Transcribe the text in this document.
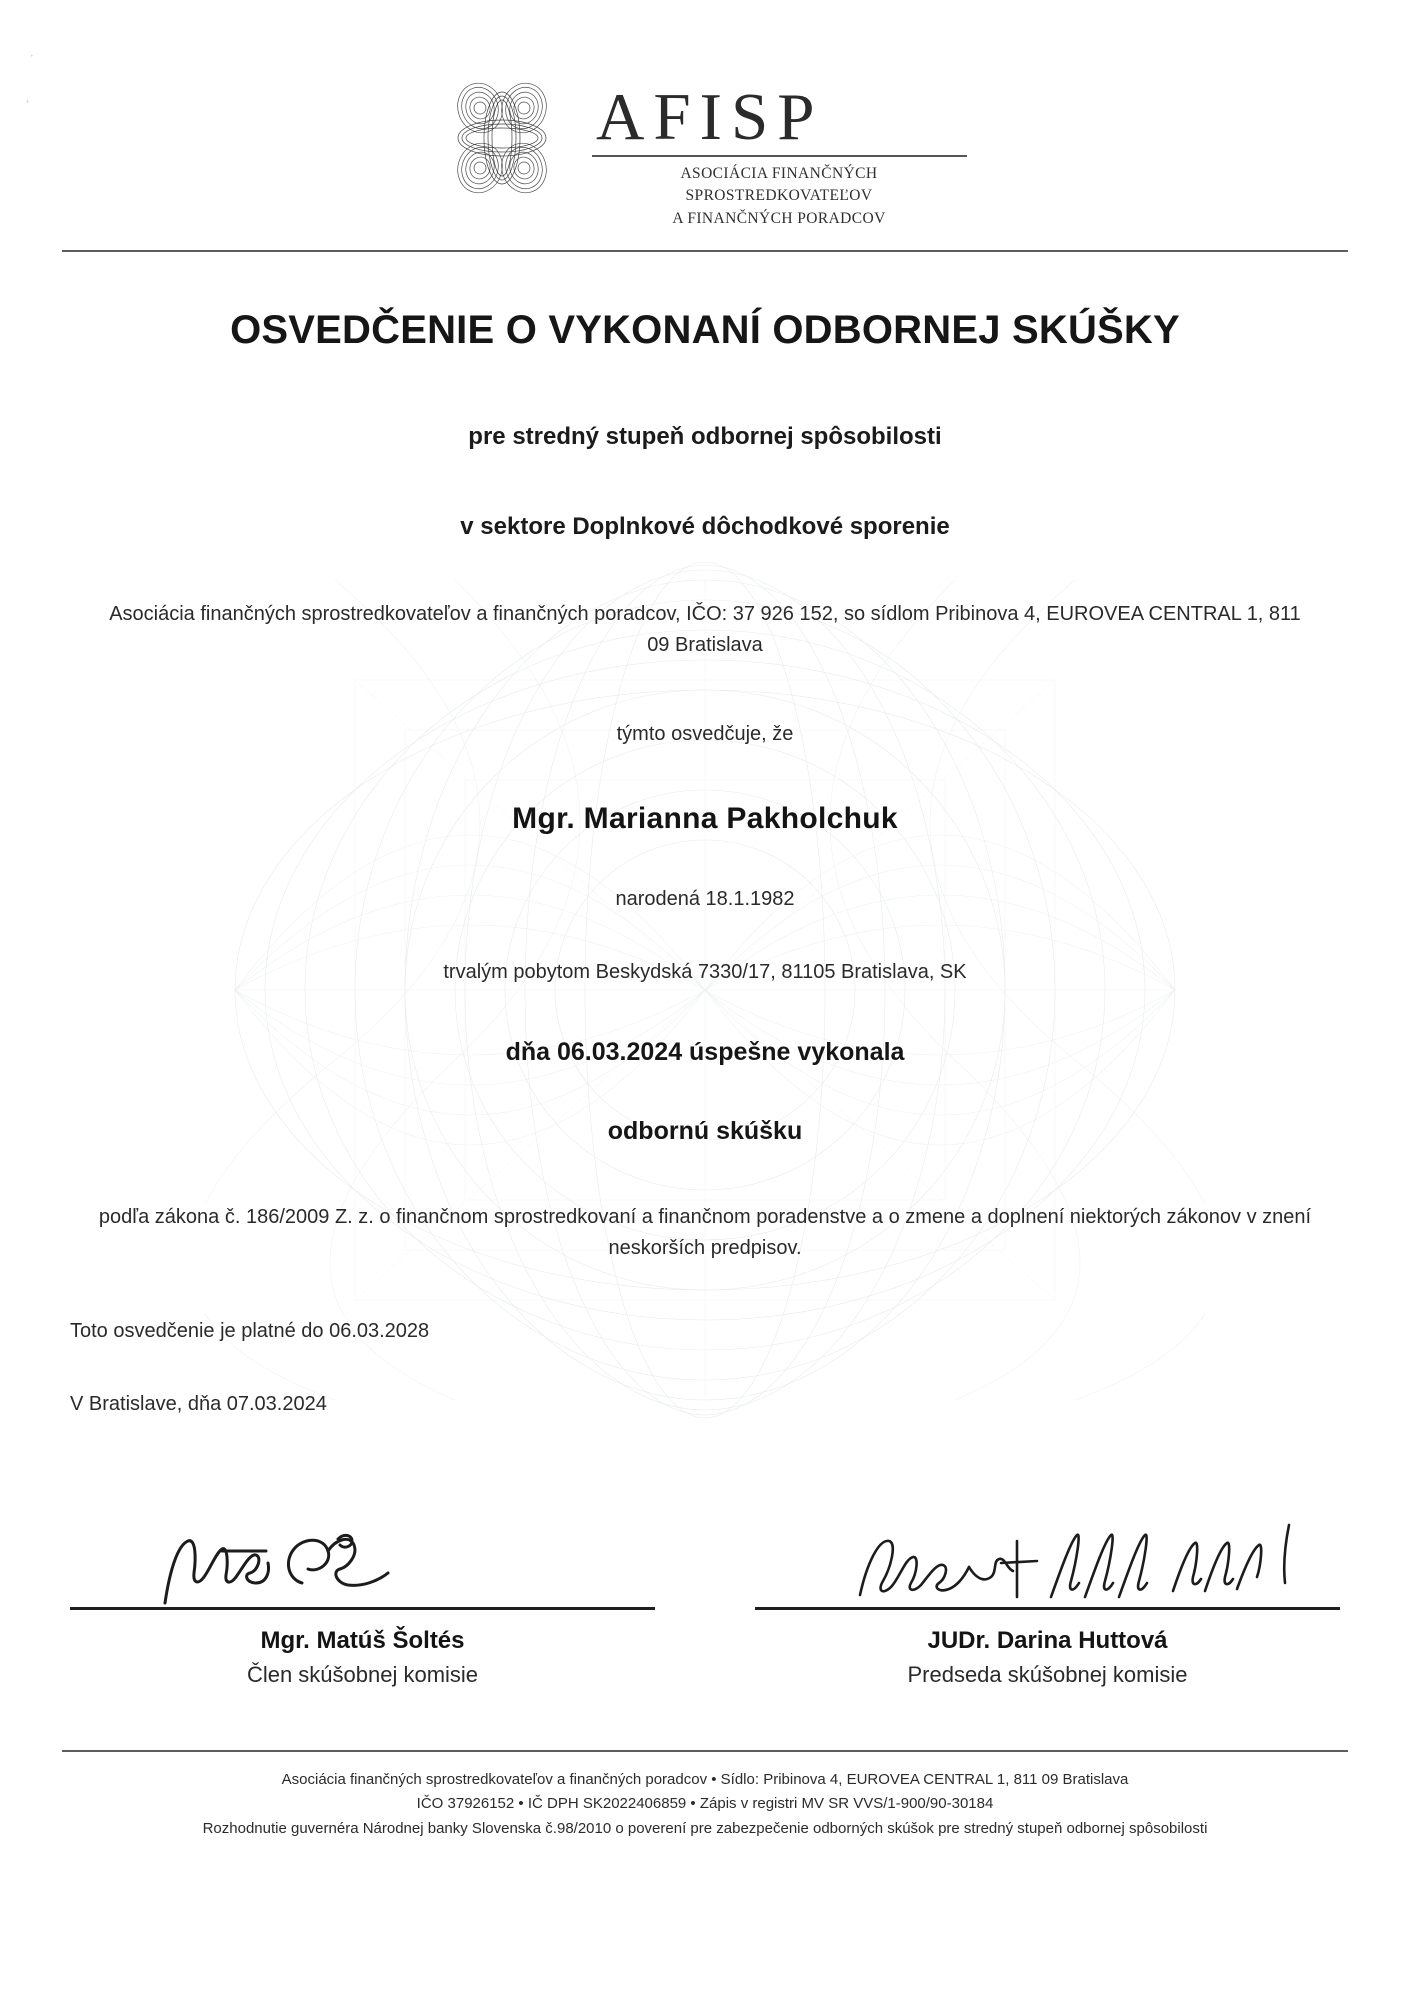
·
ʻ	AFISP
ASOCIÁCIA FINANČNÝCH SPROSTREDKOVATEĽOV
A FINANČNÝCH PORADCOV
OSVEDČENIE O VYKONANÍ ODBORNEJ SKÚŠKY
pre stredný stupeň odbornej spôsobilosti
v sektore Doplnkové dôchodkové sporenie

Asociácia finančných sprostredkovateľov a finančných poradcov, IČO: 37 926 152, so sídlom Pribinova 4, EUROVEA CENTRAL 1, 811 09 Bratislava

týmto osvedčuje, že
Mgr. Marianna Pakholchuk
narodená 18.1.1982
trvalým pobytom Beskydská 7330/17, 81105 Bratislava, SK
dňa 06.03.2024 úspešne vykonala
odbornú skúšku

podľa zákona č. 186/2009 Z. z. o finančnom sprostredkovaní a finančnom poradenstve a o zmene a doplnení niektorých zákonov v znení neskorších predpisov.

Toto osvedčenie je platné do 06.03.2028
V Bratislave, dňa 07.03.2024
Mgr. Matúš Šoltés
Člen skúšobnej komisie
JUDr. Darina Huttová
Predseda skúšobnej komisie
Asociácia finančných sprostredkovateľov a finančných poradcov • Sídlo: Pribinova 4, EUROVEA CENTRAL 1, 811 09 Bratislava
IČO 37926152 • IČ DPH SK2022406859 • Zápis v registri MV SR VVS/1-900/90-30184
Rozhodnutie guvernéra Národnej banky Slovenska č.98/2010 o poverení pre zabezpečenie odborných skúšok pre stredný stupeň odbornej spôsobilosti
